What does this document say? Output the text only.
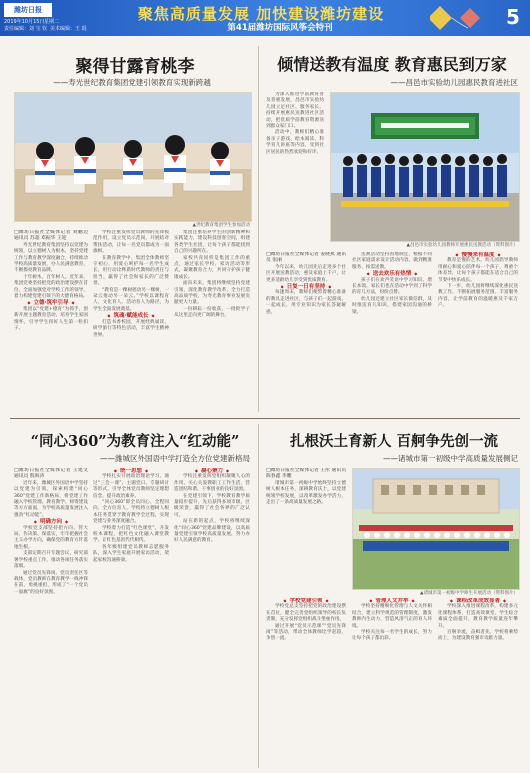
潍坊日报
2019年10月15日 星期二
责任编辑：刘 宝 钦 美术编辑：王 琨
聚焦高质量发展 加快建设潍坊建设
第41届潍坊国际风筝会特刊	5
聚得甘露育桃李
——寿光世纪教育集团党建引领教育实现新跨越
▲世纪教育集团学生参加活动

□潍坊日报社全媒体记者 刘鹏迈 通讯员 苏超 邓振华 王迎

寿光世纪教育集团坚持以党建为统领，以立德树人为根本，坚持党建工作与教育教学深度融合，持续推动学校高质量发展，办人民满意教育，不断擦亮教育品牌。

十年树木，百年树人。近年来，集团党委坚持把党的政治建设摆在首位，全面加强党对学校工作的领导，着力构建党建引领下的大德育格局。

◆ 立德·筑牢引导 ◆

集团以“党建+德育”为抓手，创新开展主题教育活动，培育学生家国情怀，引导学生扣好人生第一粒扣子。

学校注重发挥党员教师的先锋模范作用，设立党员示范岗，开展结对帮扶活动，让每一名党员都成为一面旗帜。

在教育教学中，集团全体教师坚守初心，用爱心呵护每一名学生成长，用行动诠释新时代教师的责任与担当，赢得了社会和家长的广泛赞誉。

“教育是一棵树摇动另一棵树，一朵云推动另一朵云。”学校以课程育人、文化育人、活动育人为路径，为学生全面发展奠基。

◆ 筑魂·赋能成长 ◆

打造书香校园，开展经典诵读、研学旅行等特色活动，丰富学生精神世界。

集团注重培养学生的创新精神和实践能力，建设科技创客空间，组建各类学生社团，让每个孩子都能找到自己的兴趣所在。

家校共育同样是集团工作的重点，通过家长学校、家访活动等形式，凝聚教育合力，共同守护孩子健康成长。

面向未来，集团将继续坚持党建引领，深化教育教学改革，全力打造高品质学校，为寿光教育事业发展贡献更大力量。

一份耕耘一份收获，一批批学子从这里走向更广阔的舞台。

倾情送教有温度 教育惠民到万家
——昌邑市实验幼儿园惠民教育进社区

为深入推进学前教育普及普惠发展，昌邑市实验幼儿园立足社区、服务家长，持续开展惠民送教进社区活动，把优质学前教育资源送到群众家门口。

活动中，教师们精心准备亲子游戏、绘本阅读、科学育儿讲座等内容，受到社区居民的热烈欢迎和好评。

▲昌邑市实验幼儿园教师开展惠民送教活动（资料图片）

□潍坊日报社全媒体记者 姜晓燕 通讯员 张丽

今年以来，幼儿园先后走进多个社区开展送教活动，惠及家庭上千户，让更多适龄幼儿享受到优质教育。

◆ 日复一日有坚持 ◆

每逢周末，教师们便带着精心准备的教具走进社区，与孩子们一起游戏、一起成长，用专业知识为家长答疑解惑。

送教活动坚持因地制宜，根据不同社区家庭需求设计活动内容，做到精准服务、按需送教。

◆ 送去欢乐有热情 ◆

孩子们在欢声笑语中学习知识、增长本领，家长们也在活动中学到了科学的育儿方法，纷纷点赞。

幼儿园还建立社区家长微信群，及时推送育儿知识，搭建家园沟通的桥梁。

◆ 慢慢来有温度 ◆

教育是慢的艺术。幼儿园倡导教师用耐心和爱心陪伴每一个孩子，尊重个体差异，让每个孩子都能在适合自己的节奏中快乐成长。

下一步，幼儿园将继续深化惠民送教工作，不断拓展服务范围，丰富服务内容，让学前教育的温暖惠及千家万户。

“同心360”为教育注入“红动能”
——潍城区外国语中学打造全方位党建新格局

□潍坊日报社全媒体记者 王建文 通讯员 殷海涛

近年来，潍城区外国语中学坚持以党建为引领，探索构建“同心360”党建工作新格局，将党建工作融入学校管理、教育教学、师资建设等方方面面，为学校高质量发展注入强劲“红动能”。

◆ 明确方向 ◆

学校党支部坚持把方向、管大局、作决策、保落实，牢牢把握社会主义办学方向，确保党的教育方针落地生根。

支部定期召开专题会议，研究部署学校重点工作，推动各项任务落实落细。

通过党员先锋岗、党员责任区等载体，党员教师在教育教学一线冲锋在前、勇挑重担，形成了“一个党员一面旗”的良好氛围。

◆ 统一思想 ◆

学校扎实开展政治理论学习，通过“三会一课”、主题党日、专题研讨等形式，引导全体党员教师坚定理想信念，提升政治素养。

“同心360”即全员同心、全程同向、全方位育人，学校将立德树人根本任务贯穿于教育教学全过程，实现党建与业务深度融合。

学校着力打造“红色课堂”，开发校本课程，把红色文化融入课堂教学，让红色基因代代相传。

各年级组建党员教师志愿服务队，深入学生家庭开展家访活动，架起家校沟通桥梁。

◆ 凝心聚力 ◆

学校注重发挥党组织凝聚人心的作用，关心关爱教职工工作生活，营造团结和谐、干事创业的良好氛围。

在党建引领下，学校教育教学质量稳步提升，先后获得多项市级、区级荣誉，赢得了社会各界的广泛认可。

站在新的起点，学校将继续深化“同心360”党建品牌建设，以高质量党建引领学校高质量发展，努力办好人民满意的教育。

扎根沃土育新人 百舸争先创一流
——诸城市第一初级中学高质量发展侧记

□潍坊日报社全媒体记者 王彤 通讯员 陈春鑫 李鹏

诸城市第一初级中学始终坚持立德树人根本任务，深耕教育沃土，以党建统领学校发展，以改革激发办学活力，走出了一条高质量发展之路。

▲诸城市第一初级中学师生开展活动（资料图片）

◆ 学校党建引领 ◆

学校党总支坚持把党的政治建设摆在首位，健全完善党组织领导的校长负责制，充分发挥党组织战斗堡垒作用。

通过开展“党员示范课”“党员先锋岗”等活动，带动全体教师比学赶超、争创一流。

◆ 管理人文并举 ◆

学校坚持精细化管理与人文关怀相结合，建立科学规范的管理制度，激发教师内生动力，营造风清气正的育人环境。

学校关注每一名学生的成长，努力让每个孩子都出彩。

◆ 课程改革成效显著 ◆

学校深入推进课程改革，构建多元化课程体系，打造高效课堂，学生综合素质全面提升，教育教学质量连年攀升。

百舸争流，奋楫者先。学校将乘势而上，为建设教育强市贡献力量。
